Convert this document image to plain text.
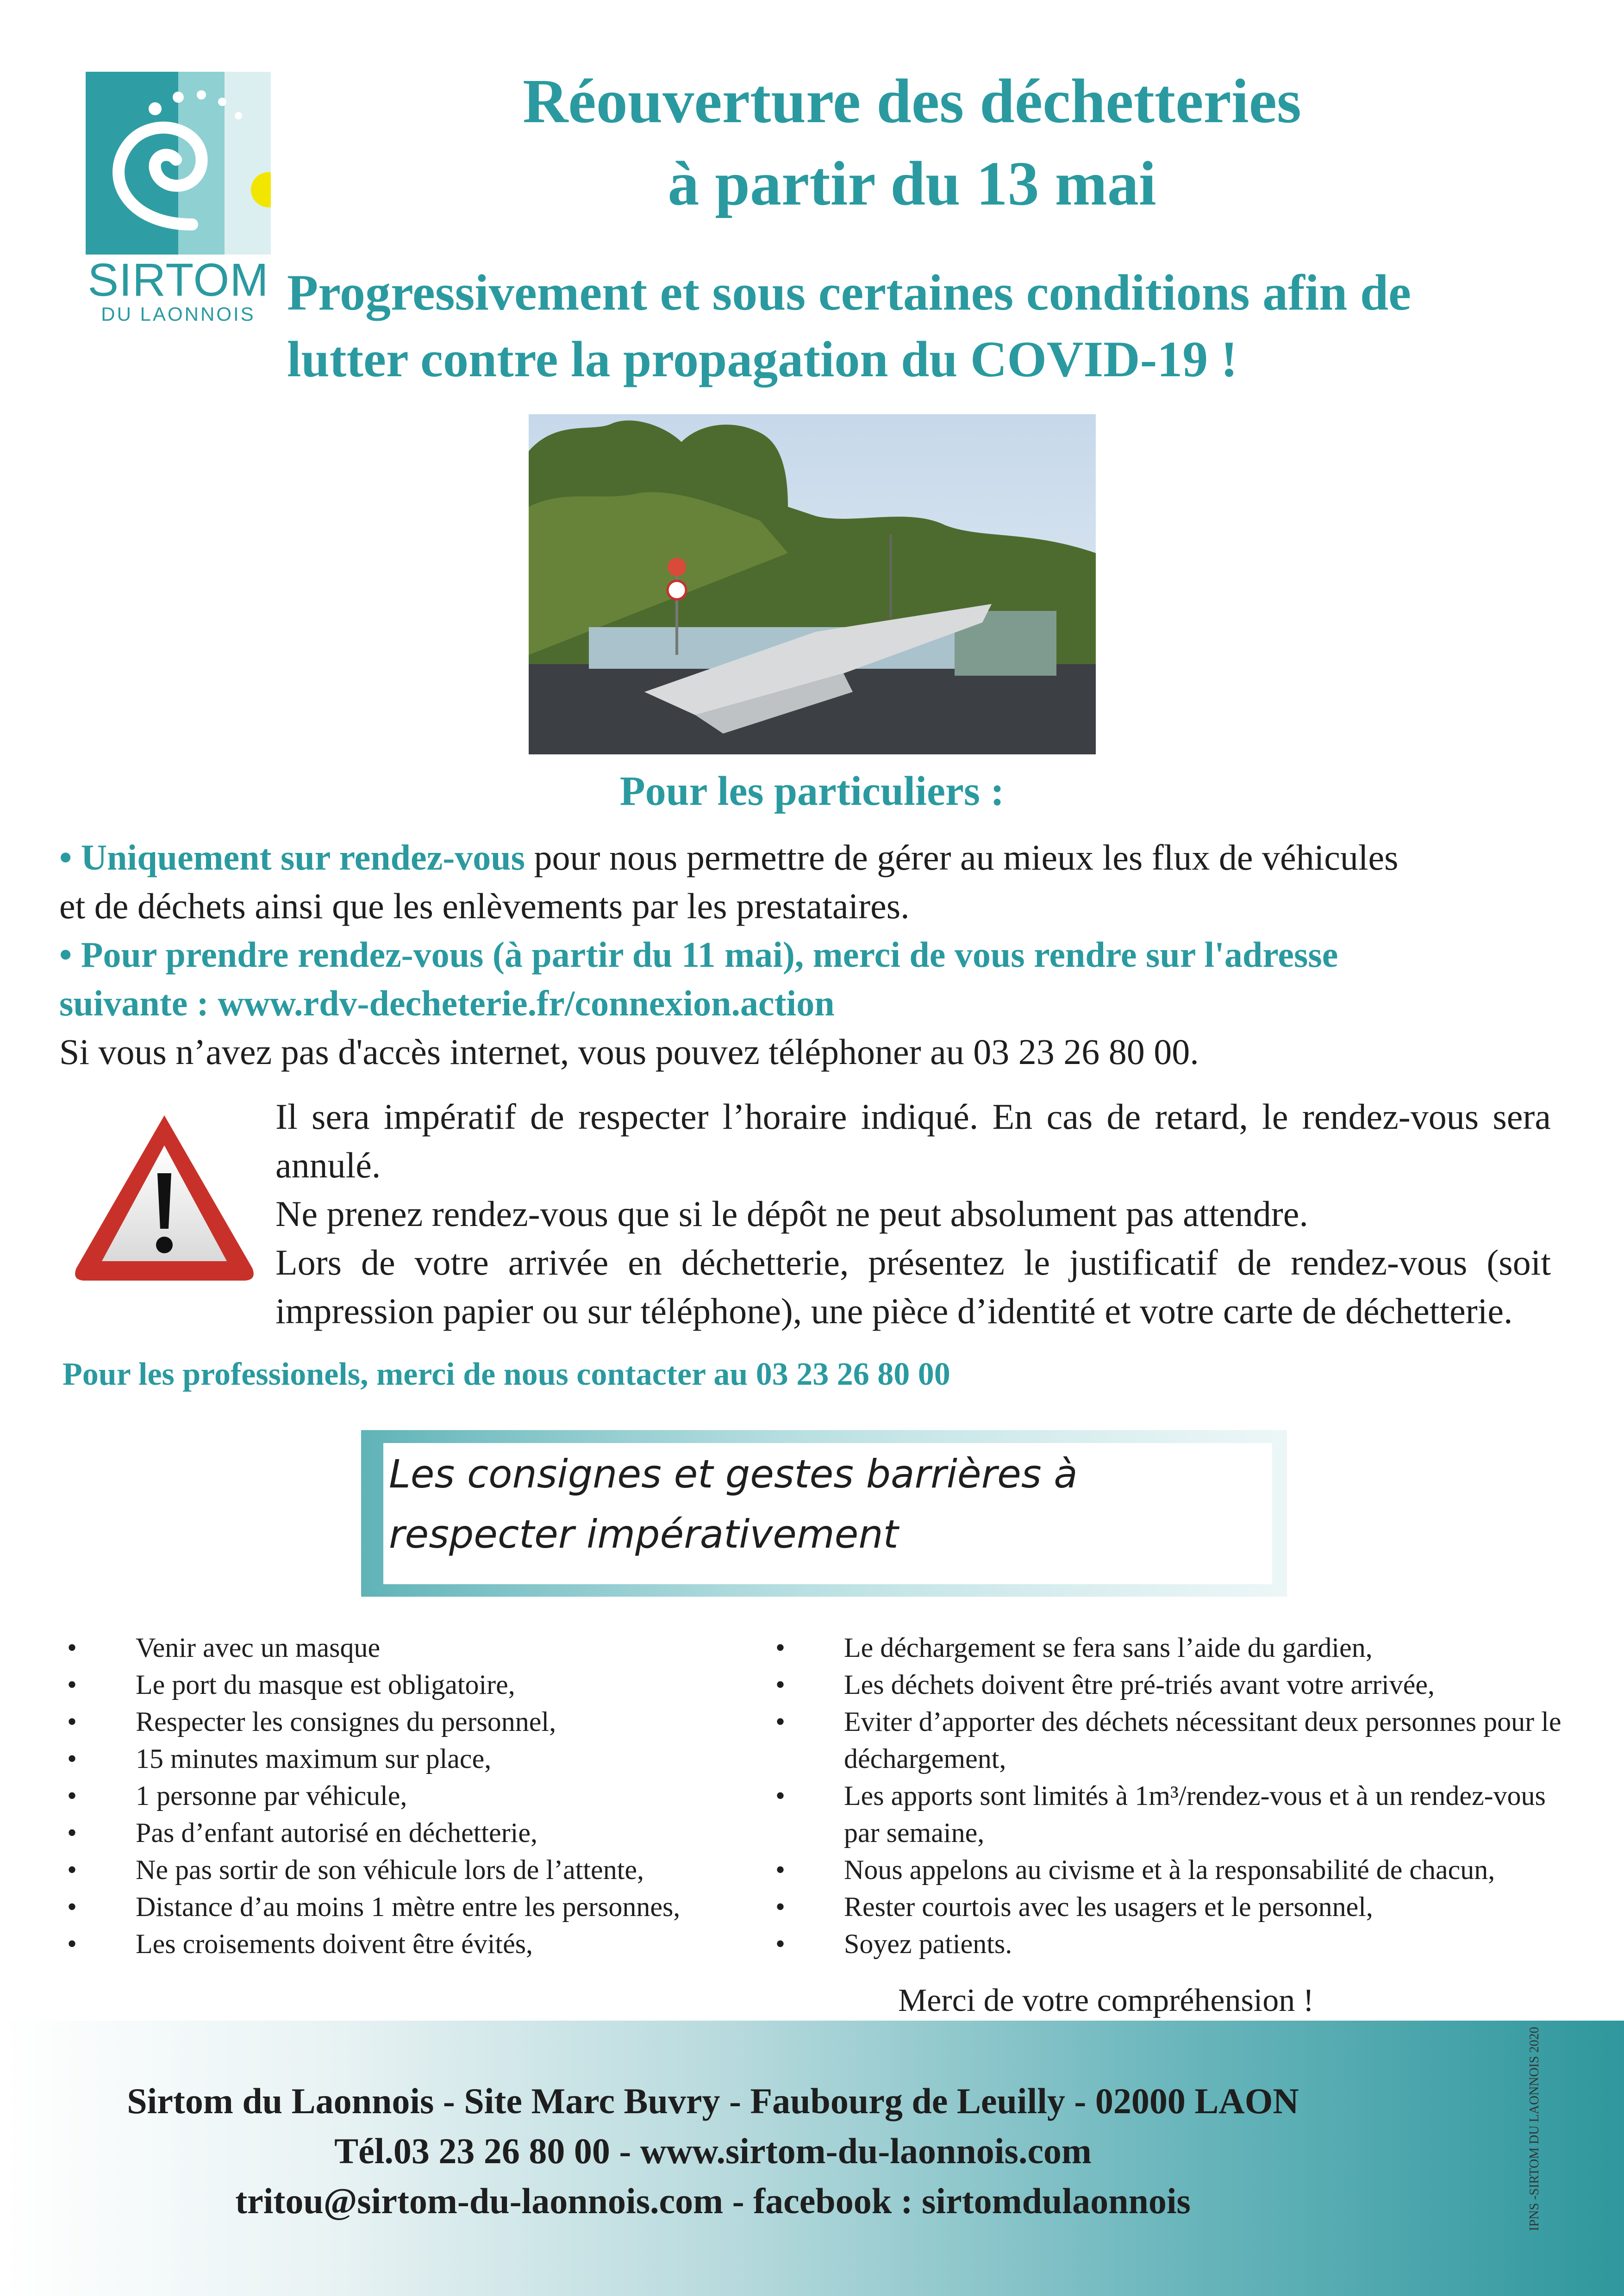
SIRTOM
DU LAONNOIS
Réouverture des déchetteries
à partir du 13 mai
Progressivement et sous certaines conditions afin de
lutter contre la propagation du COVID-19 !
Pour les particuliers :
• Uniquement sur rendez-vous pour nous permettre de gérer au mieux les flux de véhicules
et de déchets ainsi que les enlèvements par les prestataires.
• Pour prendre rendez-vous (à partir du 11 mai), merci de vous rendre sur l'adresse
suivante : www.rdv-decheterie.fr/connexion.action
Si vous n’avez pas d'accès internet, vous pouvez téléphoner au 03 23 26 80 00.

Il sera impératif de respecter l’horaire indiqué. En cas de retard, le rendez-vous sera annulé.

Ne prenez rendez-vous que si le dépôt ne peut absolument pas attendre.

Lors de votre arrivée en déchetterie, présentez le justificatif de rendez-vous (soit impression papier ou sur téléphone), une pièce d’identité et votre carte de déchetterie.

Pour les professionels, merci de nous contacter au 03 23 26 80 00
Les consignes et gestes barrières à
respecter impérativement
• Venir avec un masque
• Le port du masque est obligatoire,
• Respecter les consignes du personnel,
• 15 minutes maximum sur place,
• 1 personne par véhicule,
• Pas d’enfant autorisé en déchetterie,
• Ne pas sortir de son véhicule lors de l’attente,
• Distance d’au moins 1 mètre entre les personnes,
• Les croisements doivent être évités,
• Le déchargement se fera sans l’aide du gardien,
• Les déchets doivent être pré-triés avant votre arrivée,
• Eviter d’apporter des déchets nécessitant deux personnes pour le déchargement,
• Les apports sont limités à 1m³/rendez-vous et à un rendez-vous par semaine,
• Nous appelons au civisme et à la responsabilité de chacun,
• Rester courtois avec les usagers et le personnel,
• Soyez patients.
Merci de votre compréhension !
Sirtom du Laonnois - Site Marc Buvry - Faubourg de Leuilly - 02000 LAON
Tél.03 23 26 80 00 - www.sirtom-du-laonnois.com
tritou@sirtom-du-laonnois.com - facebook : sirtomdulaonnois	IPNS -SIRTOM DU LAONNOIS 2020
